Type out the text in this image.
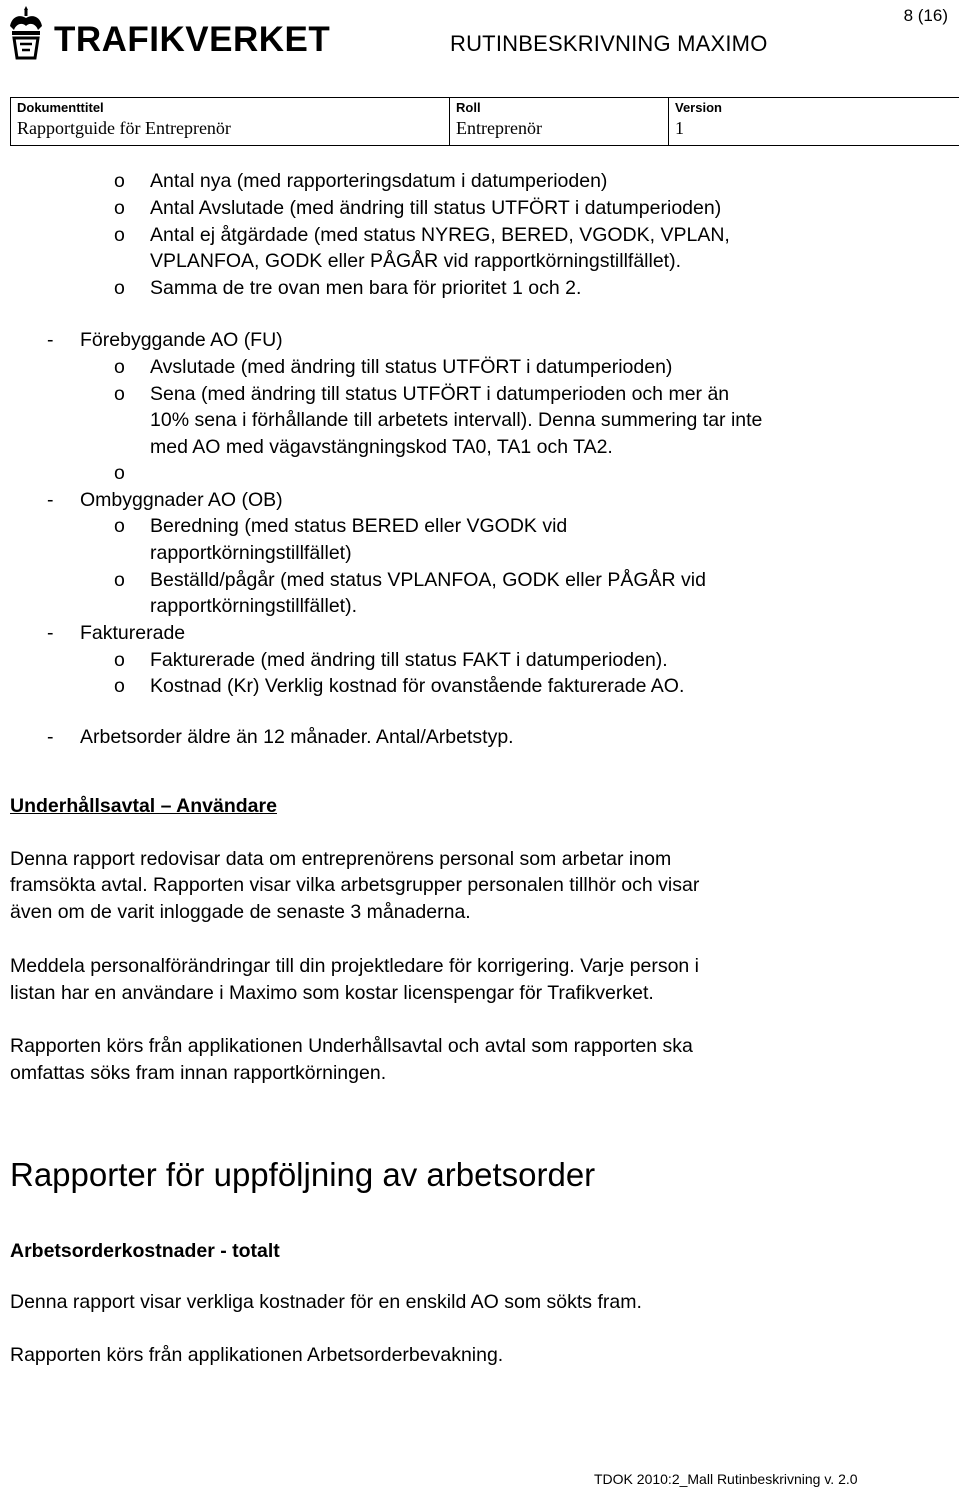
8 (16)
TRAFIKVERKET	RUTINBESKRIVNING MAXIMO
Dokumenttitel
Rapportguide för Entreprenör

Roll
Entreprenör

Version
1
o Antal nya (med rapporteringsdatum i datumperioden)
o Antal Avslutade (med ändring till status UTFÖRT i datumperioden)
o Antal ej åtgärdade (med status NYREG, BERED, VGODK, VPLAN,
VPLANFOA, GODK eller PÅGÅR vid rapportkörningstillfället).
o Samma de tre ovan men bara för prioritet 1 och 2.
- Förebyggande AO (FU)
o Avslutade (med ändring till status UTFÖRT i datumperioden)
o Sena (med ändring till status UTFÖRT i datumperioden och mer än
10% sena i förhållande till arbetets intervall). Denna summering tar inte
med AO med vägavstängningskod TA0, TA1 och TA2.
o
- Ombyggnader AO (OB)
o Beredning (med status BERED eller VGODK vid
rapportkörningstillfället)
o Beställd/pågår (med status VPLANFOA, GODK eller PÅGÅR vid
rapportkörningstillfället).
- Fakturerade
o Fakturerade (med ändring till status FAKT i datumperioden).
o Kostnad (Kr) Verklig kostnad för ovanstående fakturerade AO.
- Arbetsorder äldre än 12 månader. Antal/Arbetstyp.
Underhållsavtal – Användare
Denna rapport redovisar data om entreprenörens personal som arbetar inom
framsökta avtal. Rapporten visar vilka arbetsgrupper personalen tillhör och visar
även om de varit inloggade de senaste 3 månaderna.
Meddela personalförändringar till din projektledare för korrigering. Varje person i
listan har en användare i Maximo som kostar licenspengar för Trafikverket.
Rapporten körs från applikationen Underhållsavtal och avtal som rapporten ska
omfattas söks fram innan rapportkörningen.
Rapporter för uppföljning av arbetsorder
Arbetsorderkostnader - totalt
Denna rapport visar verkliga kostnader för en enskild AO som sökts fram.
Rapporten körs från applikationen Arbetsorderbevakning.
TDOK 2010:2_Mall Rutinbeskrivning v. 2.0
